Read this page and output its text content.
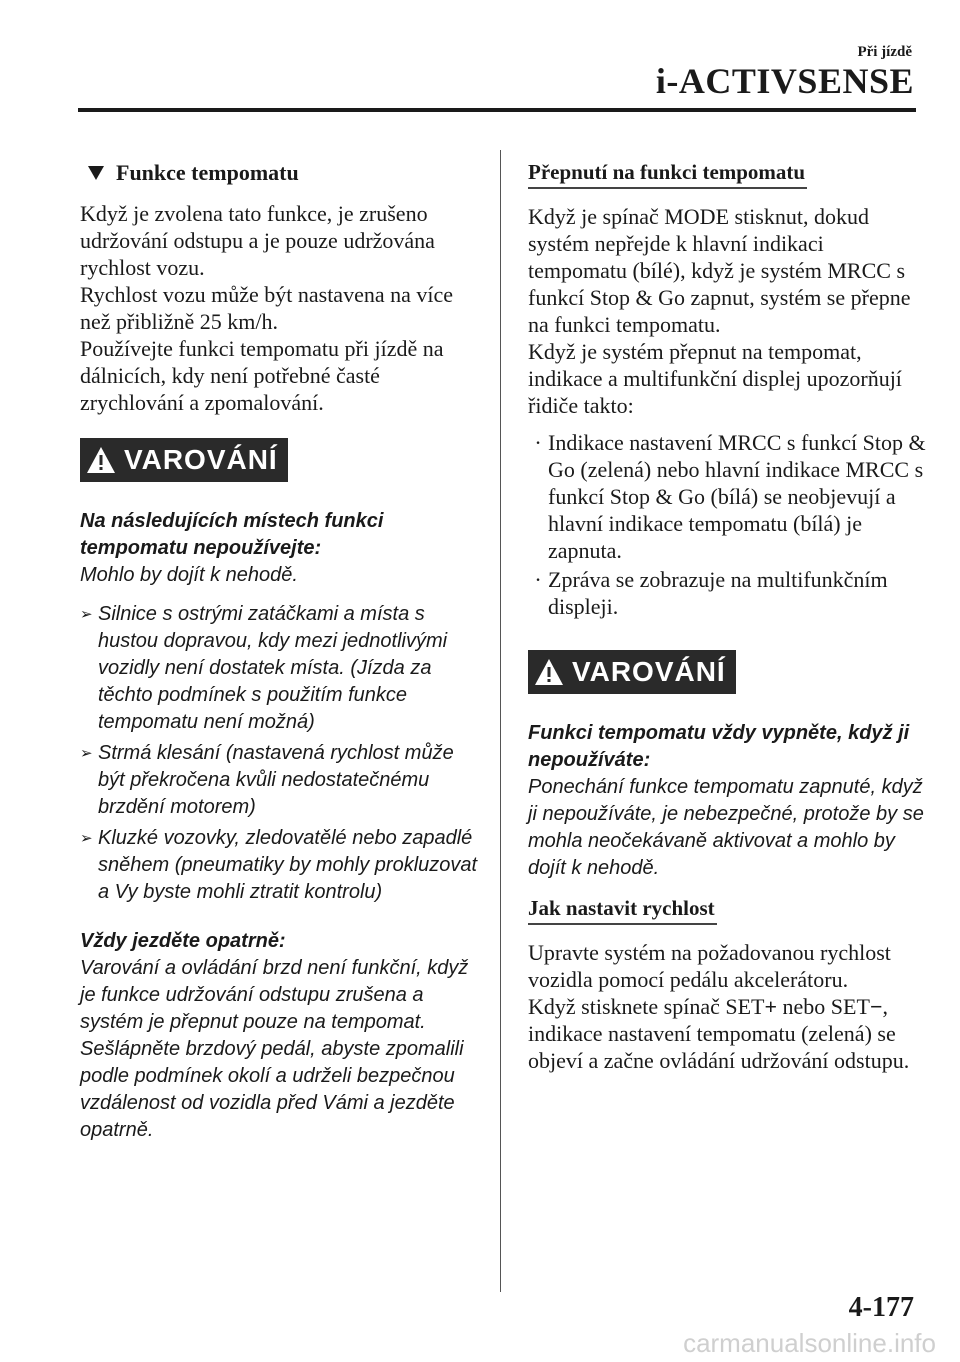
Při jízdě
i-ACTIVSENSE
Funkce tempomatu

Když je zvolena tato funkce, je zrušeno udržování odstupu a je pouze udržována rychlost vozu.

Rychlost vozu může být nastavena na více než přibližně 25 km/h.

Používejte funkci tempomatu při jízdě na dálnicích, kdy není potřebné časté zrychlování a zpomalování.

VAROVÁNÍ

Na následujících místech funkci tempomatu nepoužívejte:

Mohlo by dojít k nehodě.

➢ Silnice s ostrými zatáčkami a místa s hustou dopravou, kdy mezi jednotlivými vozidly není dostatek místa. (Jízda za těchto podmínek s použitím funkce tempomatu není možná)

➢ Strmá klesání (nastavená rychlost může být překročena kvůli nedostatečnému brzdění motorem)

➢ Kluzké vozovky, zledovatělé nebo zapadlé sněhem (pneumatiky by mohly prokluzovat a Vy byste mohli ztratit kontrolu)

Vždy jezděte opatrně:

Varování a ovládání brzd není funkční, když je funkce udržování odstupu zrušena a systém je přepnut pouze na tempomat. Sešlápněte brzdový pedál, abyste zpomalili podle podmínek okolí a udrželi bezpečnou vzdálenost od vozidla před Vámi a jezděte opatrně.

Přepnutí na funkci tempomatu

Když je spínač MODE stisknut, dokud systém nepřejde k hlavní indikaci tempomatu (bílé), když je systém MRCC s funkcí Stop & Go zapnut, systém se přepne na funkci tempomatu.

Když je systém přepnut na tempomat, indikace a multifunkční displej upozorňují řidiče takto:

· Indikace nastavení MRCC s funkcí Stop & Go (zelená) nebo hlavní indikace MRCC s funkcí Stop & Go (bílá) se neobjevují a hlavní indikace tempomatu (bílá) je zapnuta.

· Zpráva se zobrazuje na multifunkčním displeji.

VAROVÁNÍ

Funkci tempomatu vždy vypněte, když ji nepoužíváte:

Ponechání funkce tempomatu zapnuté, když ji nepoužíváte, je nebezpečné, protože by se mohla neočekávaně aktivovat a mohlo by dojít k nehodě.

Jak nastavit rychlost

Upravte systém na požadovanou rychlost vozidla pomocí pedálu akcelerátoru.

Když stisknete spínač SET+ nebo SET−, indikace nastavení tempomatu (zelená) se objeví a začne ovládání udržování odstupu.

4-177
carmanualsonline.info
